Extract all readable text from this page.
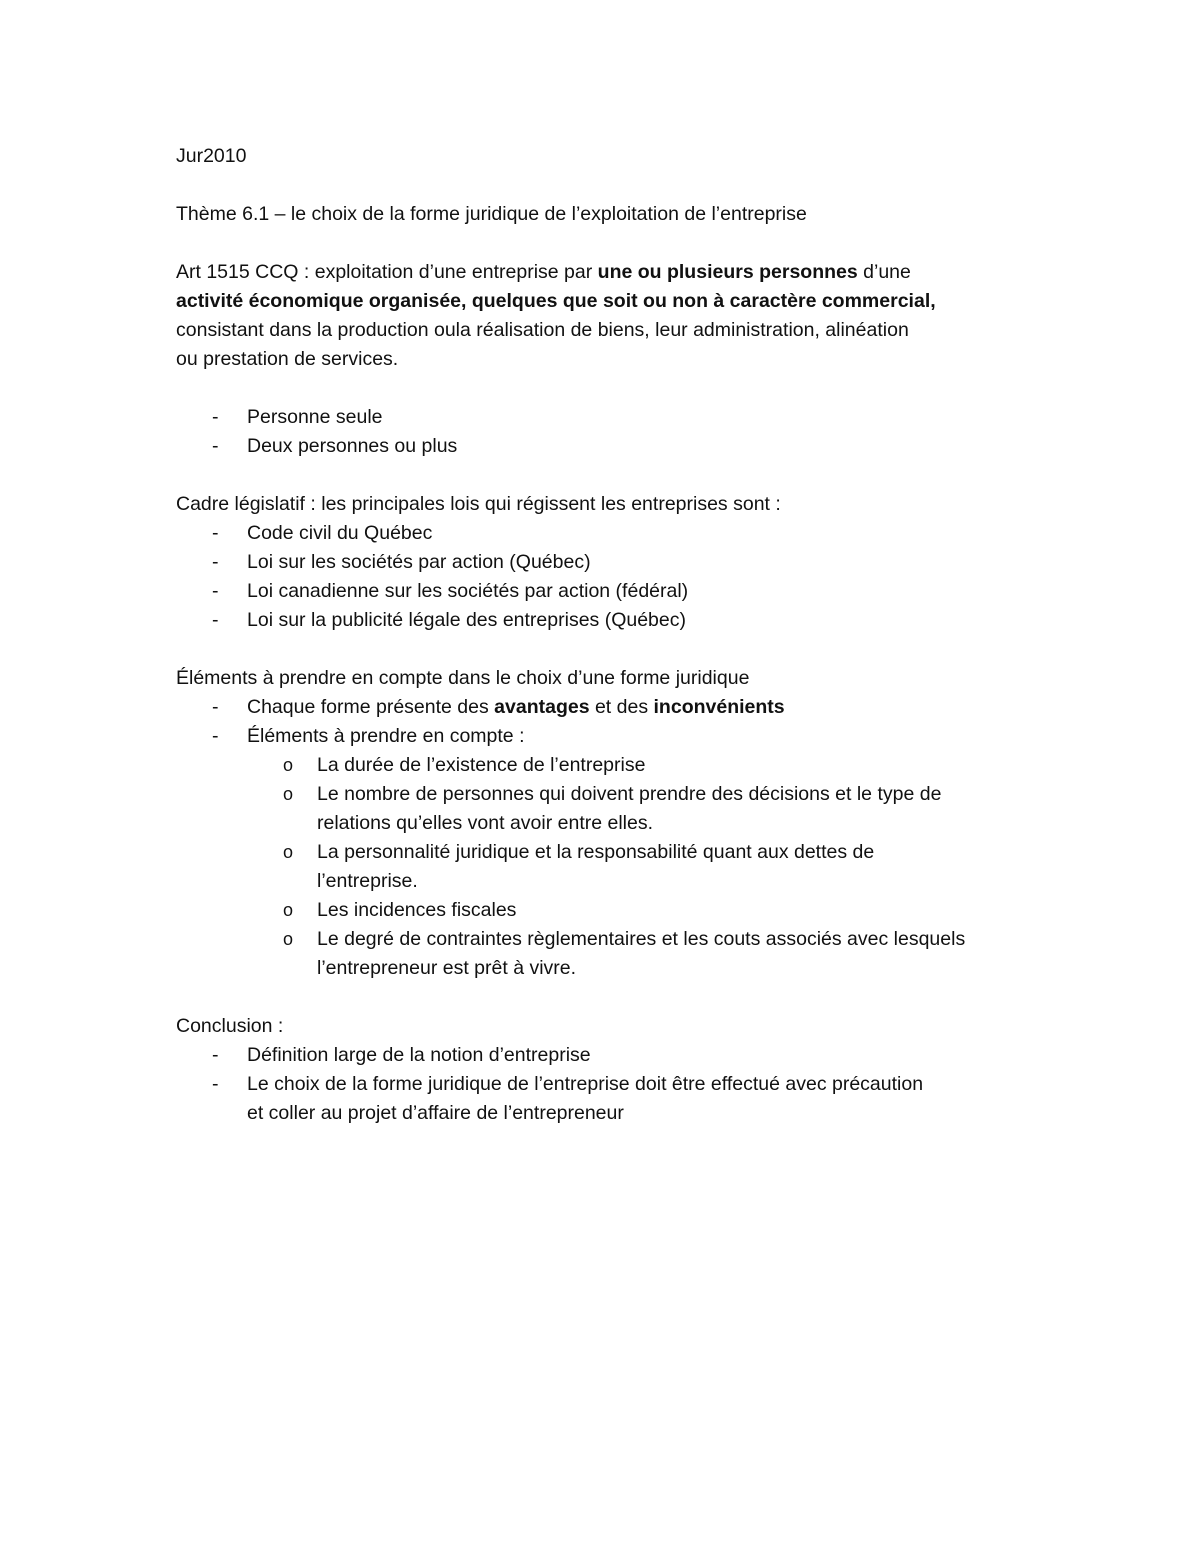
Jur2010

Thème 6.1 – le choix de la forme juridique de l’exploitation de l’entreprise

Art 1515 CCQ : exploitation d’une entreprise par une ou plusieurs personnes d’une

activité économique organisée, quelques que soit ou non à caractère commercial,

consistant dans la production oula réalisation de biens, leur administration, alinéation

ou prestation de services.

- Personne seule
- Deux personnes ou plus

Cadre législatif : les principales lois qui régissent les entreprises sont :

- Code civil du Québec
- Loi sur les sociétés par action (Québec)
- Loi canadienne sur les sociétés par action (fédéral)
- Loi sur la publicité légale des entreprises (Québec)

Éléments à prendre en compte dans le choix d’une forme juridique

- Chaque forme présente des avantages et des inconvénients
- Éléments à prendre en compte :
o La durée de l’existence de l’entreprise

o Le nombre de personnes qui doivent prendre des décisions et le type de

relations qu’elles vont avoir entre elles.

o La personnalité juridique et la responsabilité quant aux dettes de

l’entreprise.

o Les incidences fiscales

o Le degré de contraintes règlementaires et les couts associés avec lesquels

l’entrepreneur est prêt à vivre.

Conclusion :

- Définition large de la notion d’entreprise

- Le choix de la forme juridique de l’entreprise doit être effectué avec précaution

et coller au projet d’affaire de l’entrepreneur
